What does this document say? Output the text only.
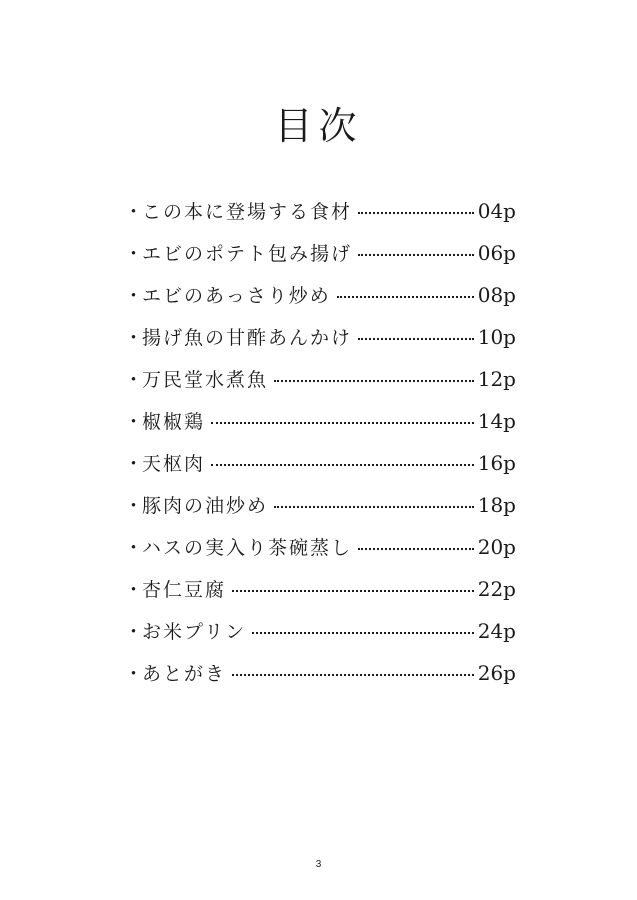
目次
・
この本に登場する食材	04p
・
エビのポテト包み揚げ	06p
・
エビのあっさり炒め	08p
・
揚げ魚の甘酢あんかけ	10p
・
万民堂水煮魚	12p
・
椒椒鶏	14p
・
天枢肉	16p
・
豚肉の油炒め	18p
・
ハスの実入り茶碗蒸し	20p
・
杏仁豆腐	22p
・
お米プリン	24p
・
あとがき	26p
3
